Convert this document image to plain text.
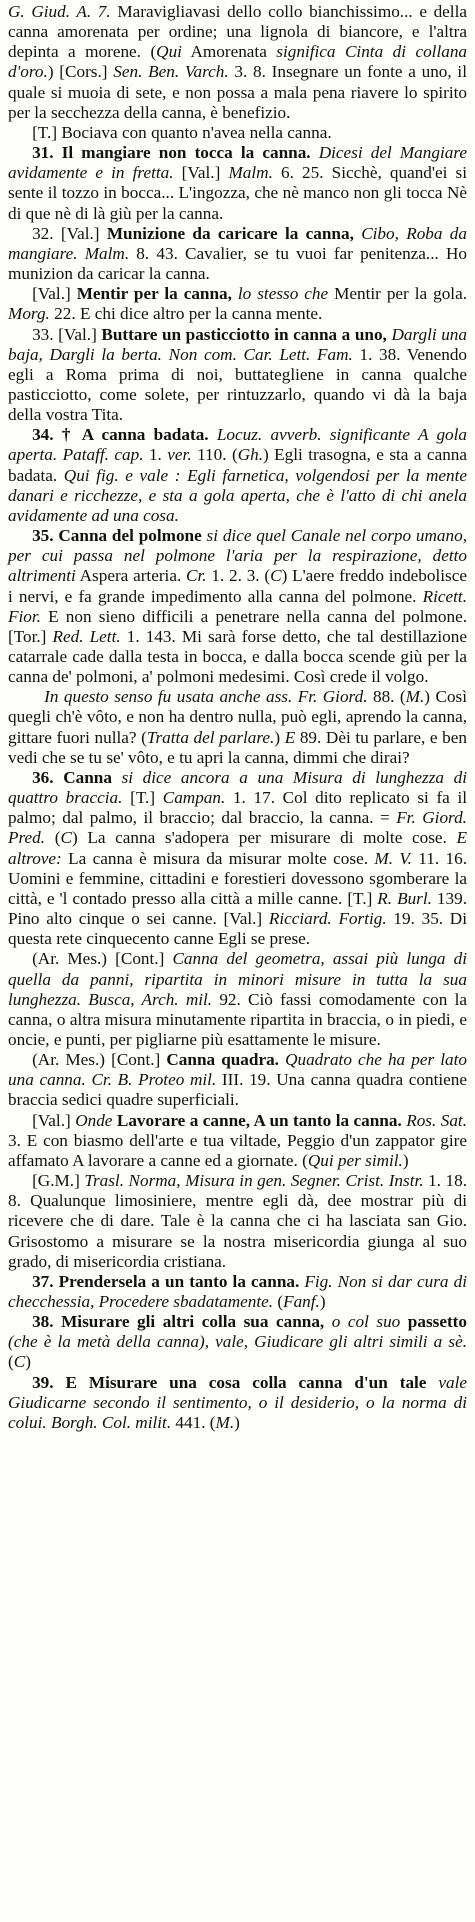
G. Giud. A. 7. Maravigliavasi dello collo bianchissimo... e della canna amorenata per ordine; una lignola di biancore, e l'altra depinta a morene. (Qui Amorenata significa Cinta di collana d'oro.) [Cors.] Sen. Ben. Varch. 3. 8. Insegnare un fonte a uno, il quale si muoia di sete, e non possa a mala pena riavere lo spirito per la secchezza della canna, è benefizio.

[T.] Bociava con quanto n'avea nella canna.

31. Il mangiare non tocca la canna. Dicesi del Mangiare avidamente e in fretta. [Val.] Malm. 6. 25. Sicchè, quand'ei si sente il tozzo in bocca... L'ingozza, che nè manco non gli tocca Nè di que nè di là giù per la canna.

32. [Val.] Munizione da caricare la canna, Cibo, Roba da mangiare. Malm. 8. 43. Cavalier, se tu vuoi far penitenza... Ho munizion da caricar la canna.

[Val.] Mentir per la canna, lo stesso che Mentir per la gola. Morg. 22. E chi dice altro per la canna mente.

33. [Val.] Buttare un pasticciotto in canna a uno, Dargli una baja, Dargli la berta. Non com. Car. Lett. Fam. 1. 38. Venendo egli a Roma prima di noi, buttategliene in canna qualche pasticciotto, come solete, per rintuzzarlo, quando vi dà la baja della vostra Tita.

34. † A canna badata. Locuz. avverb. significante A gola aperta. Pataff. cap. 1. ver. 110. (Gh.) Egli trasognа, e sta a canna badata. Qui fig. e vale : Egli farnetica, volgendosi per la mente danari e ricchezze, e sta a gola aperta, che è l'atto di chi anela avidamente ad una cosa.

35. Canna del polmone si dice quel Canale nel corpo umano, per cui passa nel polmone l'aria per la respirazione, detto altrimenti Aspera arteria. Cr. 1. 2. 3. (C) L'aere freddo indebolisce i nervi, e fa grande impedimento alla canna del polmone. Ricett. Fior. E non sieno difficili a penetrare nella canna del polmone. [Tor.] Red. Lett. 1. 143. Mi sarà forse detto, che tal destillazione catarrale cade dalla testa in bocca, e dalla bocca scende giù per la canna de' polmoni, a' polmoni medesimi. Così crede il volgo.

In questo senso fu usata anche ass. Fr. Giord. 88. (M.) Così quegli ch'è vôto, e non ha dentro nulla, può egli, aprendo la canna, gittare fuori nulla? (Tratta del parlare.) E 89. Dèi tu parlare, e ben vedi che se tu se' vôto, e tu apri la canna, dimmi che dirai?

36. Canna si dice ancora a una Misura di lunghezza di quattro braccia. [T.] Campan. 1. 17. Col dito replicato si fa il palmo; dal palmo, il braccio; dal braccio, la canna. = Fr. Giord. Pred. (C) La canna s'adopera per misurare di molte cose. E altrove: La canna è misura da misurar molte cose. M. V. 11. 16. Uomini e femmine, cittadini e forestieri dovessono sgomberare la città, e 'l contado presso alla città a mille canne. [T.] R. Burl. 139. Pino alto cinque o sei canne. [Val.] Ricciard. Fortig. 19. 35. Di questa rete cinquecento canne Egli se prese.

(Ar. Mes.) [Cont.] Canna del geometra, assai più lunga di quella da panni, ripartita in minori misure in tutta la sua lunghezza. Busca, Arch. mil. 92. Ciò fassi comodamente con la canna, o altra misura minutamente ripartita in braccia, o in piedi, e oncie, e punti, per pigliarne più esattamente le misure.

(Ar. Mes.) [Cont.] Canna quadra. Quadrato che ha per lato una canna. Cr. B. Proteo mil. III. 19. Una canna quadra contiene braccia sedici quadre superficiali.

[Val.] Onde Lavorare a canne, A un tanto la canna. Ros. Sat. 3. E con biasmo dell'arte e tua viltade, Peggio d'un zappator gire affamato A lavorare a canne ed a giornate. (Qui per simil.)

[G.M.] Trasl. Norma, Misura in gen. Segner. Crist. Instr. 1. 18. 8. Qualunque limosiniere, mentre egli dà, dee mostrar più di ricevere che di dare. Tale è la canna che ci ha lasciata san Gio. Grisostomo a misurare se la nostra misericordia giunga al suo grado, di misericordia cristiana.

37. Prendersela a un tanto la canna. Fig. Non si dar cura di checchessia, Procedere sbadatamente. (Fanf.)

38. Misurare gli altri colla sua canna, o col suo passetto (che è la metà della canna), vale, Giudicare gli altri simili a sè. (C)

39. E Misurare una cosa colla canna d'un tale vale Giudicarne secondo il sentimento, o il desiderio, o la norma di colui. Borgh. Col. milit. 441. (M.)
